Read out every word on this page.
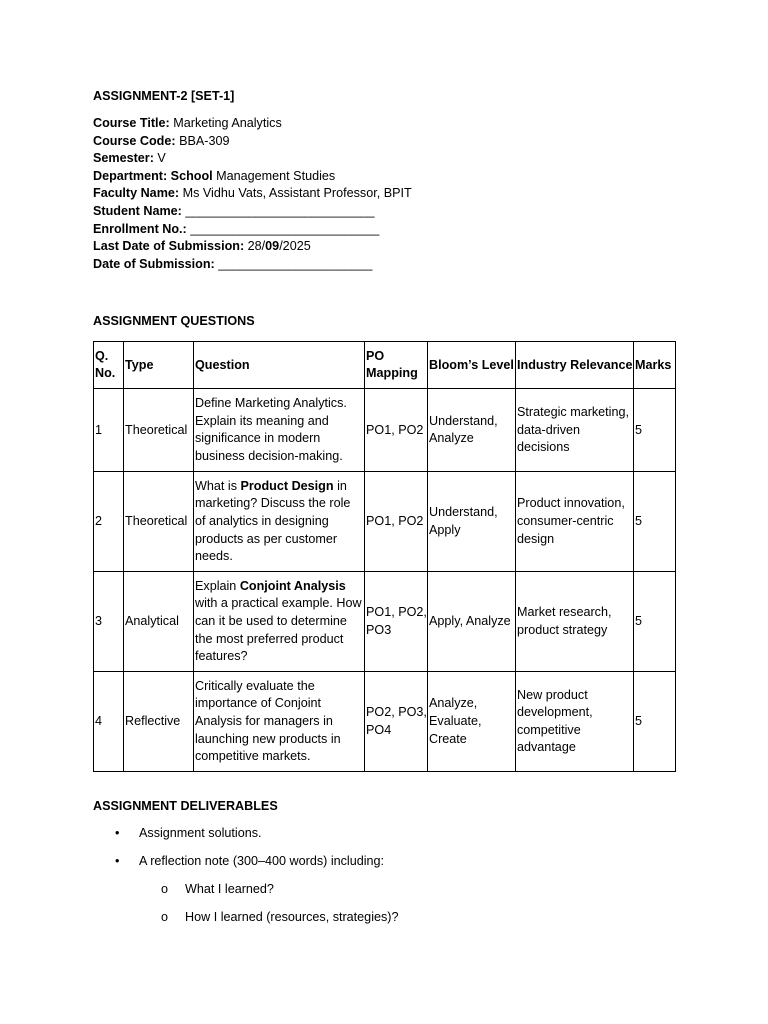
ASSIGNMENT-2 [SET-1]
Course Title: Marketing Analytics
Course Code: BBA-309
Semester: V
Department: School Management Studies
Faculty Name: Ms Vidhu Vats, Assistant Professor, BPIT
Student Name: ___________________________
Enrollment No.: ___________________________
Last Date of Submission: 28/09/2025
Date of Submission: ______________________
ASSIGNMENT QUESTIONS
Q. No.	Type	Question	PO Mapping	Bloom’s Level	Industry Relevance	Marks
1	Theoretical	Define Marketing Analytics. Explain its meaning and significance in modern business decision-making.	PO1, PO2	Understand, Analyze	Strategic marketing, data-driven decisions	5
2	Theoretical	What is Product Design in marketing? Discuss the role of analytics in designing products as per customer needs.	PO1, PO2	Understand, Apply	Product innovation, consumer-centric design	5
3	Analytical	Explain Conjoint Analysis with a practical example. How can it be used to determine the most preferred product features?	PO1, PO2, PO3	Apply, Analyze	Market research, product strategy	5
4	Reflective	Critically evaluate the importance of Conjoint Analysis for managers in launching new products in competitive markets.	PO2, PO3, PO4	Analyze, Evaluate, Create	New product development, competitive advantage	5
ASSIGNMENT DELIVERABLES
• Assignment solutions.
• A reflection note (300–400 words) including:
o What I learned?
o How I learned (resources, strategies)?
